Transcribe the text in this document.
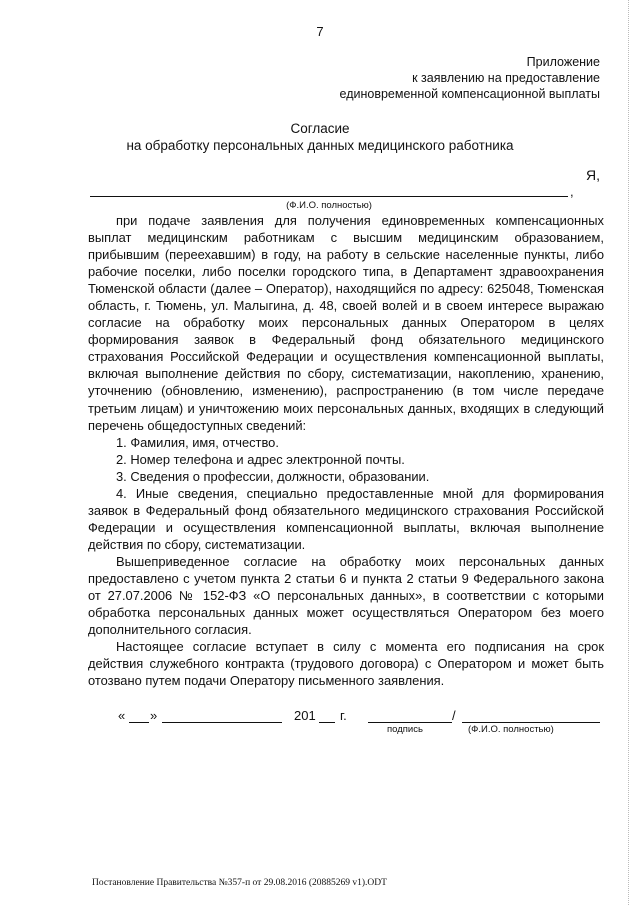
7
Приложение
к заявлению на предоставление
единовременной компенсационной выплаты
Согласие
на обработку персональных данных медицинского работника
Я,
,
(Ф.И.О. полностью)

при подаче заявления для получения единовременных компенсационных выплат медицинским работникам с высшим медицинским образованием, прибывшим (переехавшим) в году, на работу в сельские населенные пункты, либо рабочие поселки, либо поселки городского типа, в Департамент здравоохранения Тюменской области (далее – Оператор), находящийся по адресу: 625048, Тюменская область, г. Тюмень, ул. Малыгина, д. 48, своей волей и в своем интересе выражаю согласие на обработку моих персональных данных Оператором в целях формирования заявок в Федеральный фонд обязательного медицинского страхования Российской Федерации и осуществления компенсационной выплаты, включая выполнение действия по сбору, систематизации, накоплению, хранению, уточнению (обновлению, изменению), распространению (в том числе передаче третьим лицам) и уничтожению моих персональных данных, входящих в следующий перечень общедоступных сведений:

1. Фамилия, имя, отчество.

2. Номер телефона и адрес электронной почты.

3. Сведения о профессии, должности, образовании.

4. Иные сведения, специально предоставленные мной для формирования заявок в Федеральный фонд обязательного медицинского страхования Российской Федерации и осуществления компенсационной выплаты, включая выполнение действия по сбору, систематизации.

Вышеприведенное согласие на обработку моих персональных данных предоставлено с учетом пункта 2 статьи 6 и пункта 2 статьи 9 Федерального закона от 27.07.2006 № 152-ФЗ «О персональных данных», в соответствии с которыми обработка персональных данных может осуществляться Оператором без моего дополнительного согласия.

Настоящее согласие вступает в силу с момента его подписания на срок действия служебного контракта (трудового договора) с Оператором и может быть отозвано путем подачи Оператору письменного заявления.

« »	201 г.	/
подпись	(Ф.И.О. полностью)
Постановление Правительства №357-п от 29.08.2016 (20885269 v1).ODT
